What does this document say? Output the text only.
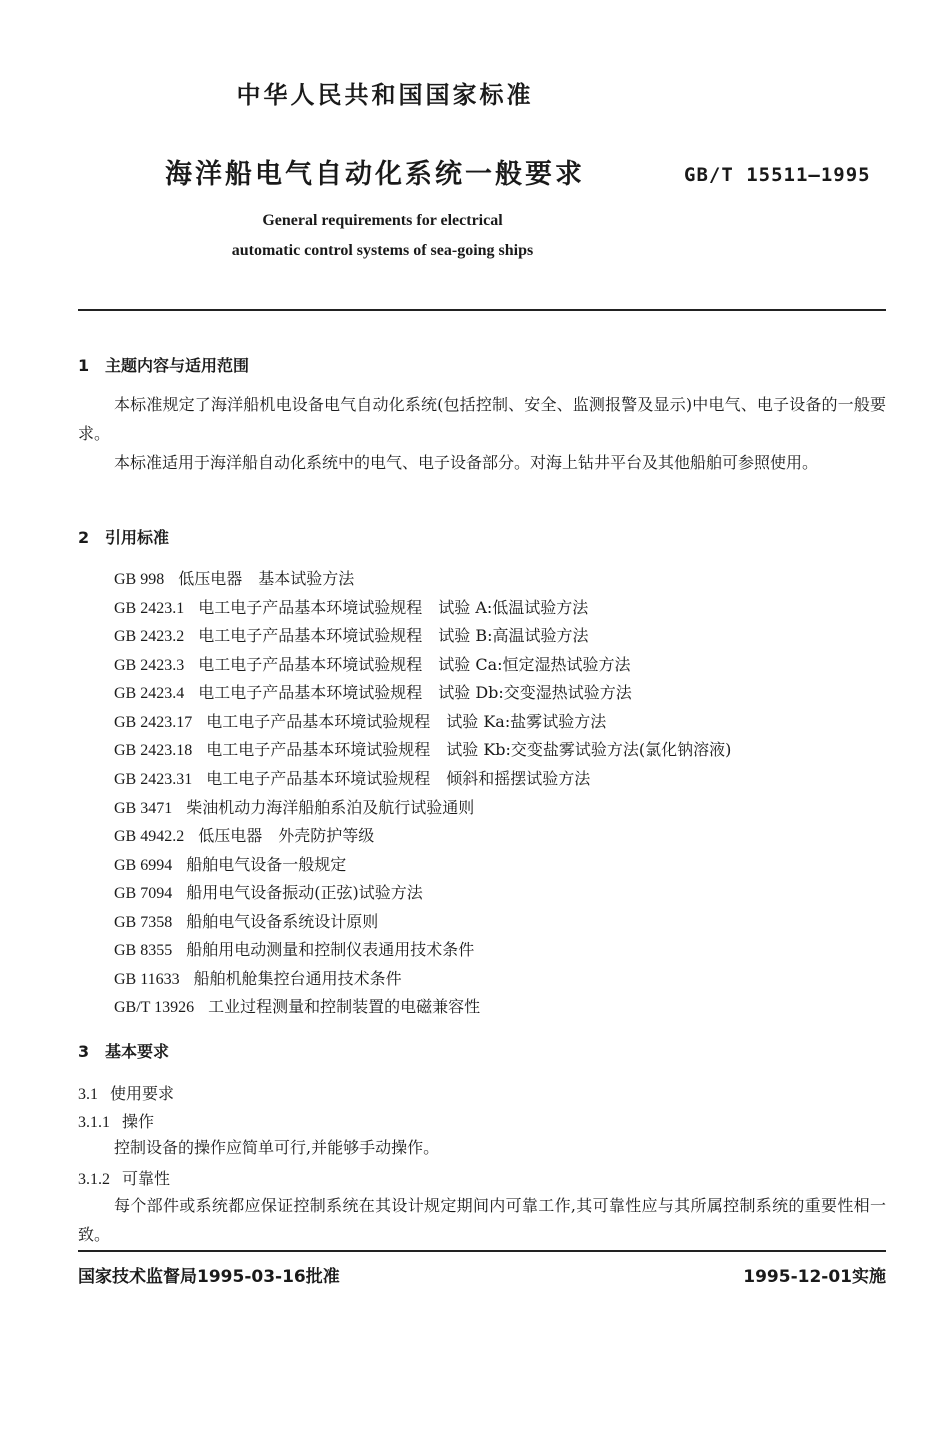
中华人民共和国国家标准
海洋船电气自动化系统一般要求	GB/T 15511—1995
General requirements for electrical
automatic control systems of sea-going ships
1 主题内容与适用范围
本标准规定了海洋船机电设备电气自动化系统(包括控制、安全、监测报警及显示)中电气、电子设备的一般要求。
本标准适用于海洋船自动化系统中的电气、电子设备部分。对海上钻井平台及其他船舶可参照使用。
2 引用标准
GB 998 低压电器　基本试验方法
GB 2423.1 电工电子产品基本环境试验规程　试验 A:低温试验方法
GB 2423.2 电工电子产品基本环境试验规程　试验 B:高温试验方法
GB 2423.3 电工电子产品基本环境试验规程　试验 Ca:恒定湿热试验方法
GB 2423.4 电工电子产品基本环境试验规程　试验 Db:交变湿热试验方法
GB 2423.17 电工电子产品基本环境试验规程　试验 Ka:盐雾试验方法
GB 2423.18 电工电子产品基本环境试验规程　试验 Kb:交变盐雾试验方法(氯化钠溶液)
GB 2423.31 电工电子产品基本环境试验规程　倾斜和摇摆试验方法
GB 3471 柴油机动力海洋船舶系泊及航行试验通则
GB 4942.2 低压电器　外壳防护等级
GB 6994 船舶电气设备一般规定
GB 7094 船用电气设备振动(正弦)试验方法
GB 7358 船舶电气设备系统设计原则
GB 8355 船舶用电动测量和控制仪表通用技术条件
GB 11633 船舶机舱集控台通用技术条件
GB/T 13926 工业过程测量和控制装置的电磁兼容性
3 基本要求
3.1 使用要求
3.1.1 操作
控制设备的操作应简单可行,并能够手动操作。
3.1.2 可靠性
每个部件或系统都应保证控制系统在其设计规定期间内可靠工作,其可靠性应与其所属控制系统的重要性相一致。
国家技术监督局1995-03-16批准	1995-12-01实施
